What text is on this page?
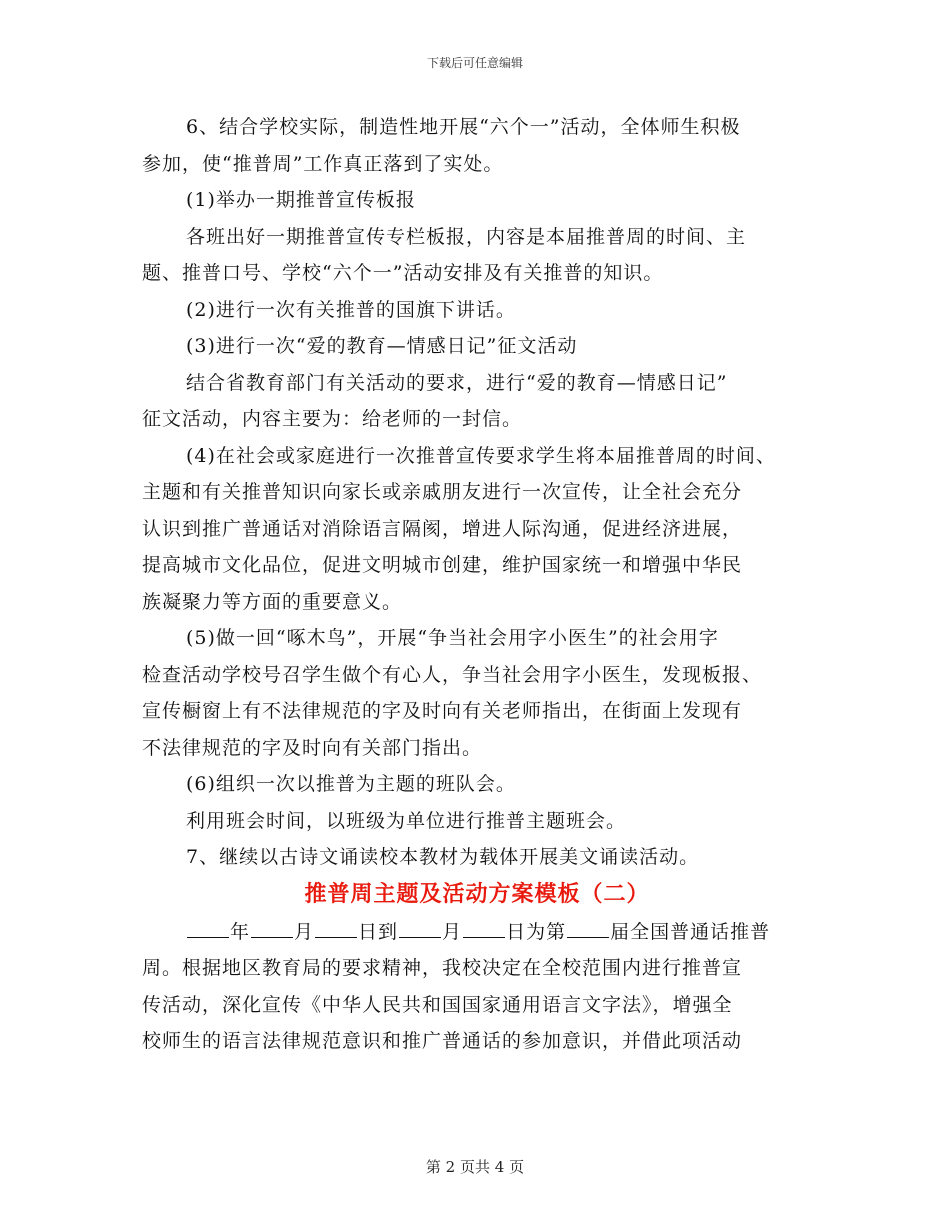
下载后可任意编辑
6、结合学校实际，制造性地开展“六个一”活动，全体师生积极
参加，使“推普周”工作真正落到了实处。
(1)举办一期推普宣传板报
各班出好一期推普宣传专栏板报，内容是本届推普周的时间、主
题、推普口号、学校“六个一”活动安排及有关推普的知识。
(2)进行一次有关推普的国旗下讲话。
(3)进行一次“爱的教育—情感日记”征文活动
结合省教育部门有关活动的要求，进行“爱的教育—情感日记”
征文活动，内容主要为：给老师的一封信。
(4)在社会或家庭进行一次推普宣传要求学生将本届推普周的时间、
主题和有关推普知识向家长或亲戚朋友进行一次宣传，让全社会充分
认识到推广普通话对消除语言隔阂，增进人际沟通，促进经济进展，
提高城市文化品位，促进文明城市创建，维护国家统一和增强中华民
族凝聚力等方面的重要意义。
(5)做一回“啄木鸟”，开展“争当社会用字小医生”的社会用字
检查活动学校号召学生做个有心人，争当社会用字小医生，发现板报、
宣传橱窗上有不法律规范的字及时向有关老师指出，在街面上发现有
不法律规范的字及时向有关部门指出。
(6)组织一次以推普为主题的班队会。
利用班会时间，以班级为单位进行推普主题班会。
7、继续以古诗文诵读校本教材为载体开展美文诵读活动。
推普周主题及活动方案模板（二）
年 月 日到 月 日为第 届全国普通话推普
周。根据地区教育局的要求精神，我校决定在全校范围内进行推普宣
传活动，深化宣传《中华人民共和国国家通用语言文字法》，增强全
校师生的语言法律规范意识和推广普通话的参加意识，并借此项活动
第 2 页共 4 页
